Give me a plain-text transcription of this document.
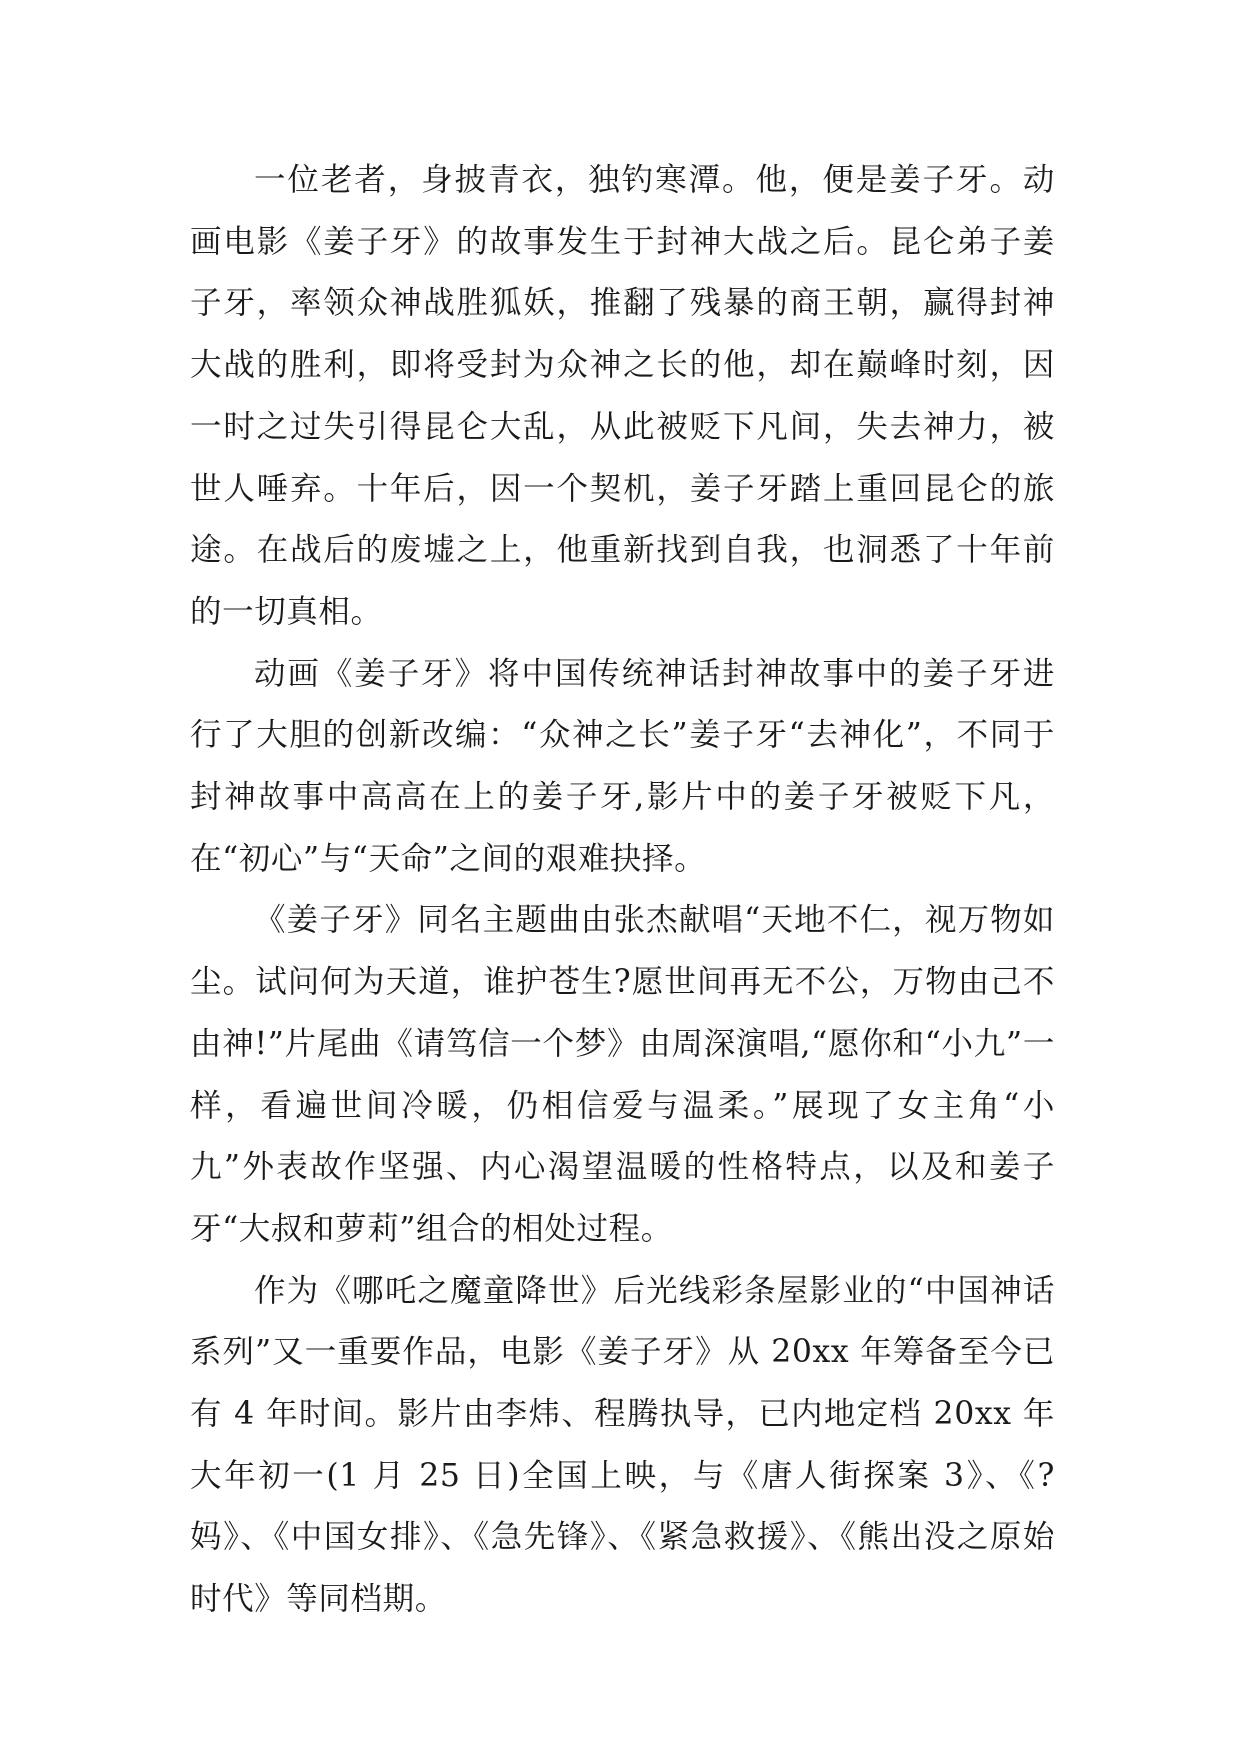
一位老者，身披青衣，独钓寒潭。他，便是姜子牙。动画电影《姜子牙》的故事发生于封神大战之后。昆仑弟子姜子牙，率领众神战胜狐妖，推翻了残暴的商王朝，赢得封神大战的胜利，即将受封为众神之长的他，却在巅峰时刻，因一时之过失引得昆仑大乱，从此被贬下凡间，失去神力，被世人唾弃。十年后，因一个契机，姜子牙踏上重回昆仑的旅途。在战后的废墟之上，他重新找到自我，也洞悉了十年前的一切真相。

动画《姜子牙》将中国传统神话封神故事中的姜子牙进行了大胆的创新改编：“众神之长”姜子牙“去神化”，不同于封神故事中高高在上的姜子牙,影片中的姜子牙被贬下凡，在“初心”与“天命”之间的艰难抉择。

《姜子牙》同名主题曲由张杰献唱“天地不仁，视万物如尘。试问何为天道，谁护苍生?愿世间再无不公，万物由己不由神!”片尾曲《请笃信一个梦》由周深演唱,“愿你和“小九”一样，看遍世间冷暖，仍相信爱与温柔。”展现了女主角“小九”外表故作坚强、内心渴望温暖的性格特点，以及和姜子牙“大叔和萝莉”组合的相处过程。

作为《哪吒之魔童降世》后光线彩条屋影业的“中国神话系列”又一重要作品，电影《姜子牙》从 20xx 年筹备至今已有 4 年时间。影片由李炜、程腾执导，已内地定档 20xx 年大年初一(1 月 25 日)全国上映，与《唐人街探案 3》、《?妈》、《中国女排》、《急先锋》、《紧急救援》、《熊出没之原始时代》等同档期。
